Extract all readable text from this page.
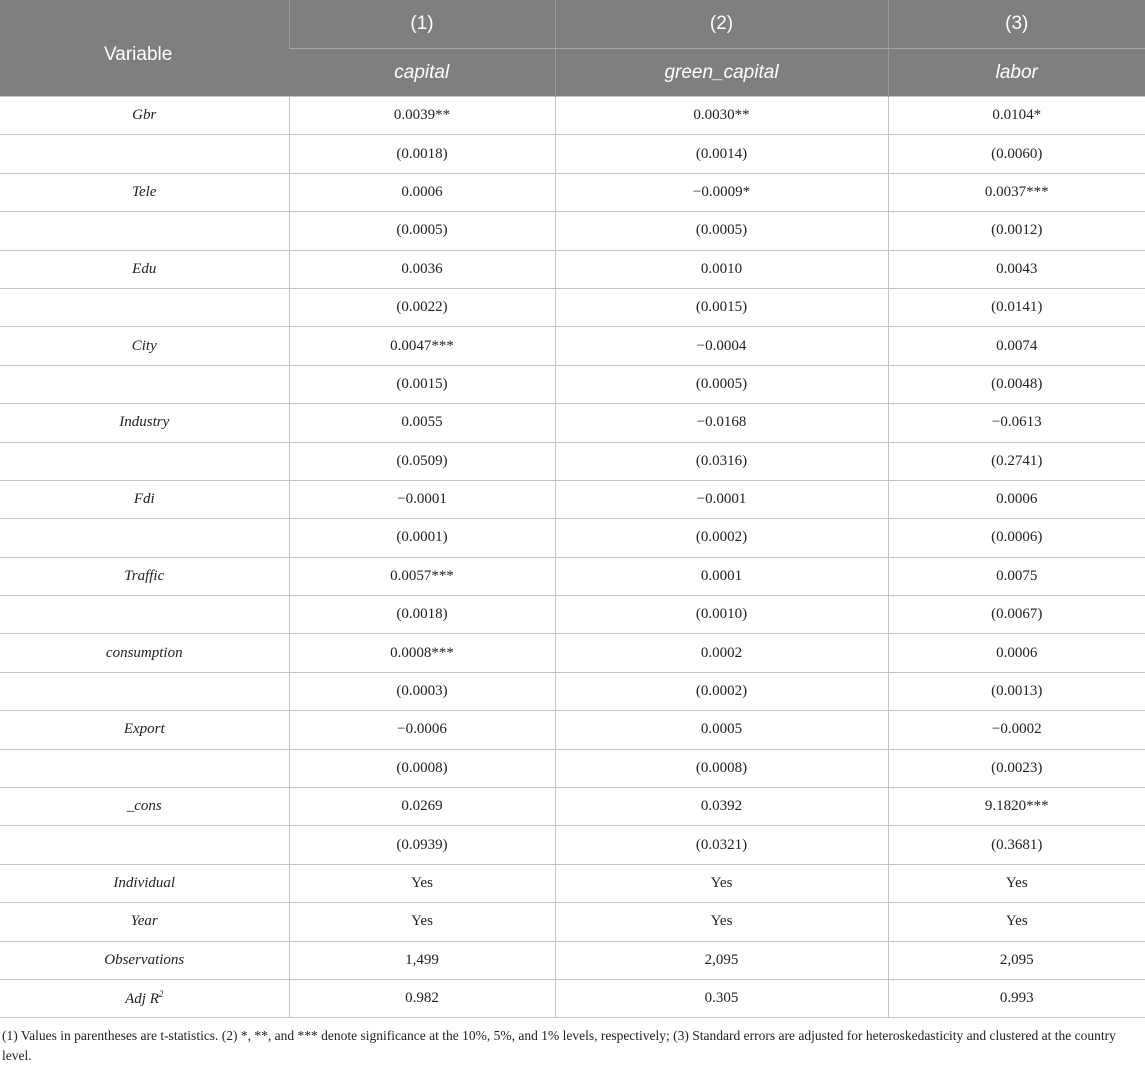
Variable	(1)	(2)	(3)
	capital	green_capital	labor
Gbr	0.0039**	0.0030**	0.0104*
	(0.0018)	(0.0014)	(0.0060)
Tele	0.0006	−0.0009*	0.0037***
	(0.0005)	(0.0005)	(0.0012)
Edu	0.0036	0.0010	0.0043
	(0.0022)	(0.0015)	(0.0141)
City	0.0047***	−0.0004	0.0074
	(0.0015)	(0.0005)	(0.0048)
Industry	0.0055	−0.0168	−0.0613
	(0.0509)	(0.0316)	(0.2741)
Fdi	−0.0001	−0.0001	0.0006
	(0.0001)	(0.0002)	(0.0006)
Traffic	0.0057***	0.0001	0.0075
	(0.0018)	(0.0010)	(0.0067)
consumption	0.0008***	0.0002	0.0006
	(0.0003)	(0.0002)	(0.0013)
Export	−0.0006	0.0005	−0.0002
	(0.0008)	(0.0008)	(0.0023)
_cons	0.0269	0.0392	9.1820***
	(0.0939)	(0.0321)	(0.3681)
Individual	Yes	Yes	Yes
Year	Yes	Yes	Yes
Observations	1,499	2,095	2,095
Adj $R^2$	0.982	0.305	0.993

(1) Values in parentheses are t-statistics. (2) *, **, and *** denote significance at the 10%, 5%, and 1% levels, respectively; (3) Standard errors are adjusted for heteroskedasticity and clustered at the country level.
